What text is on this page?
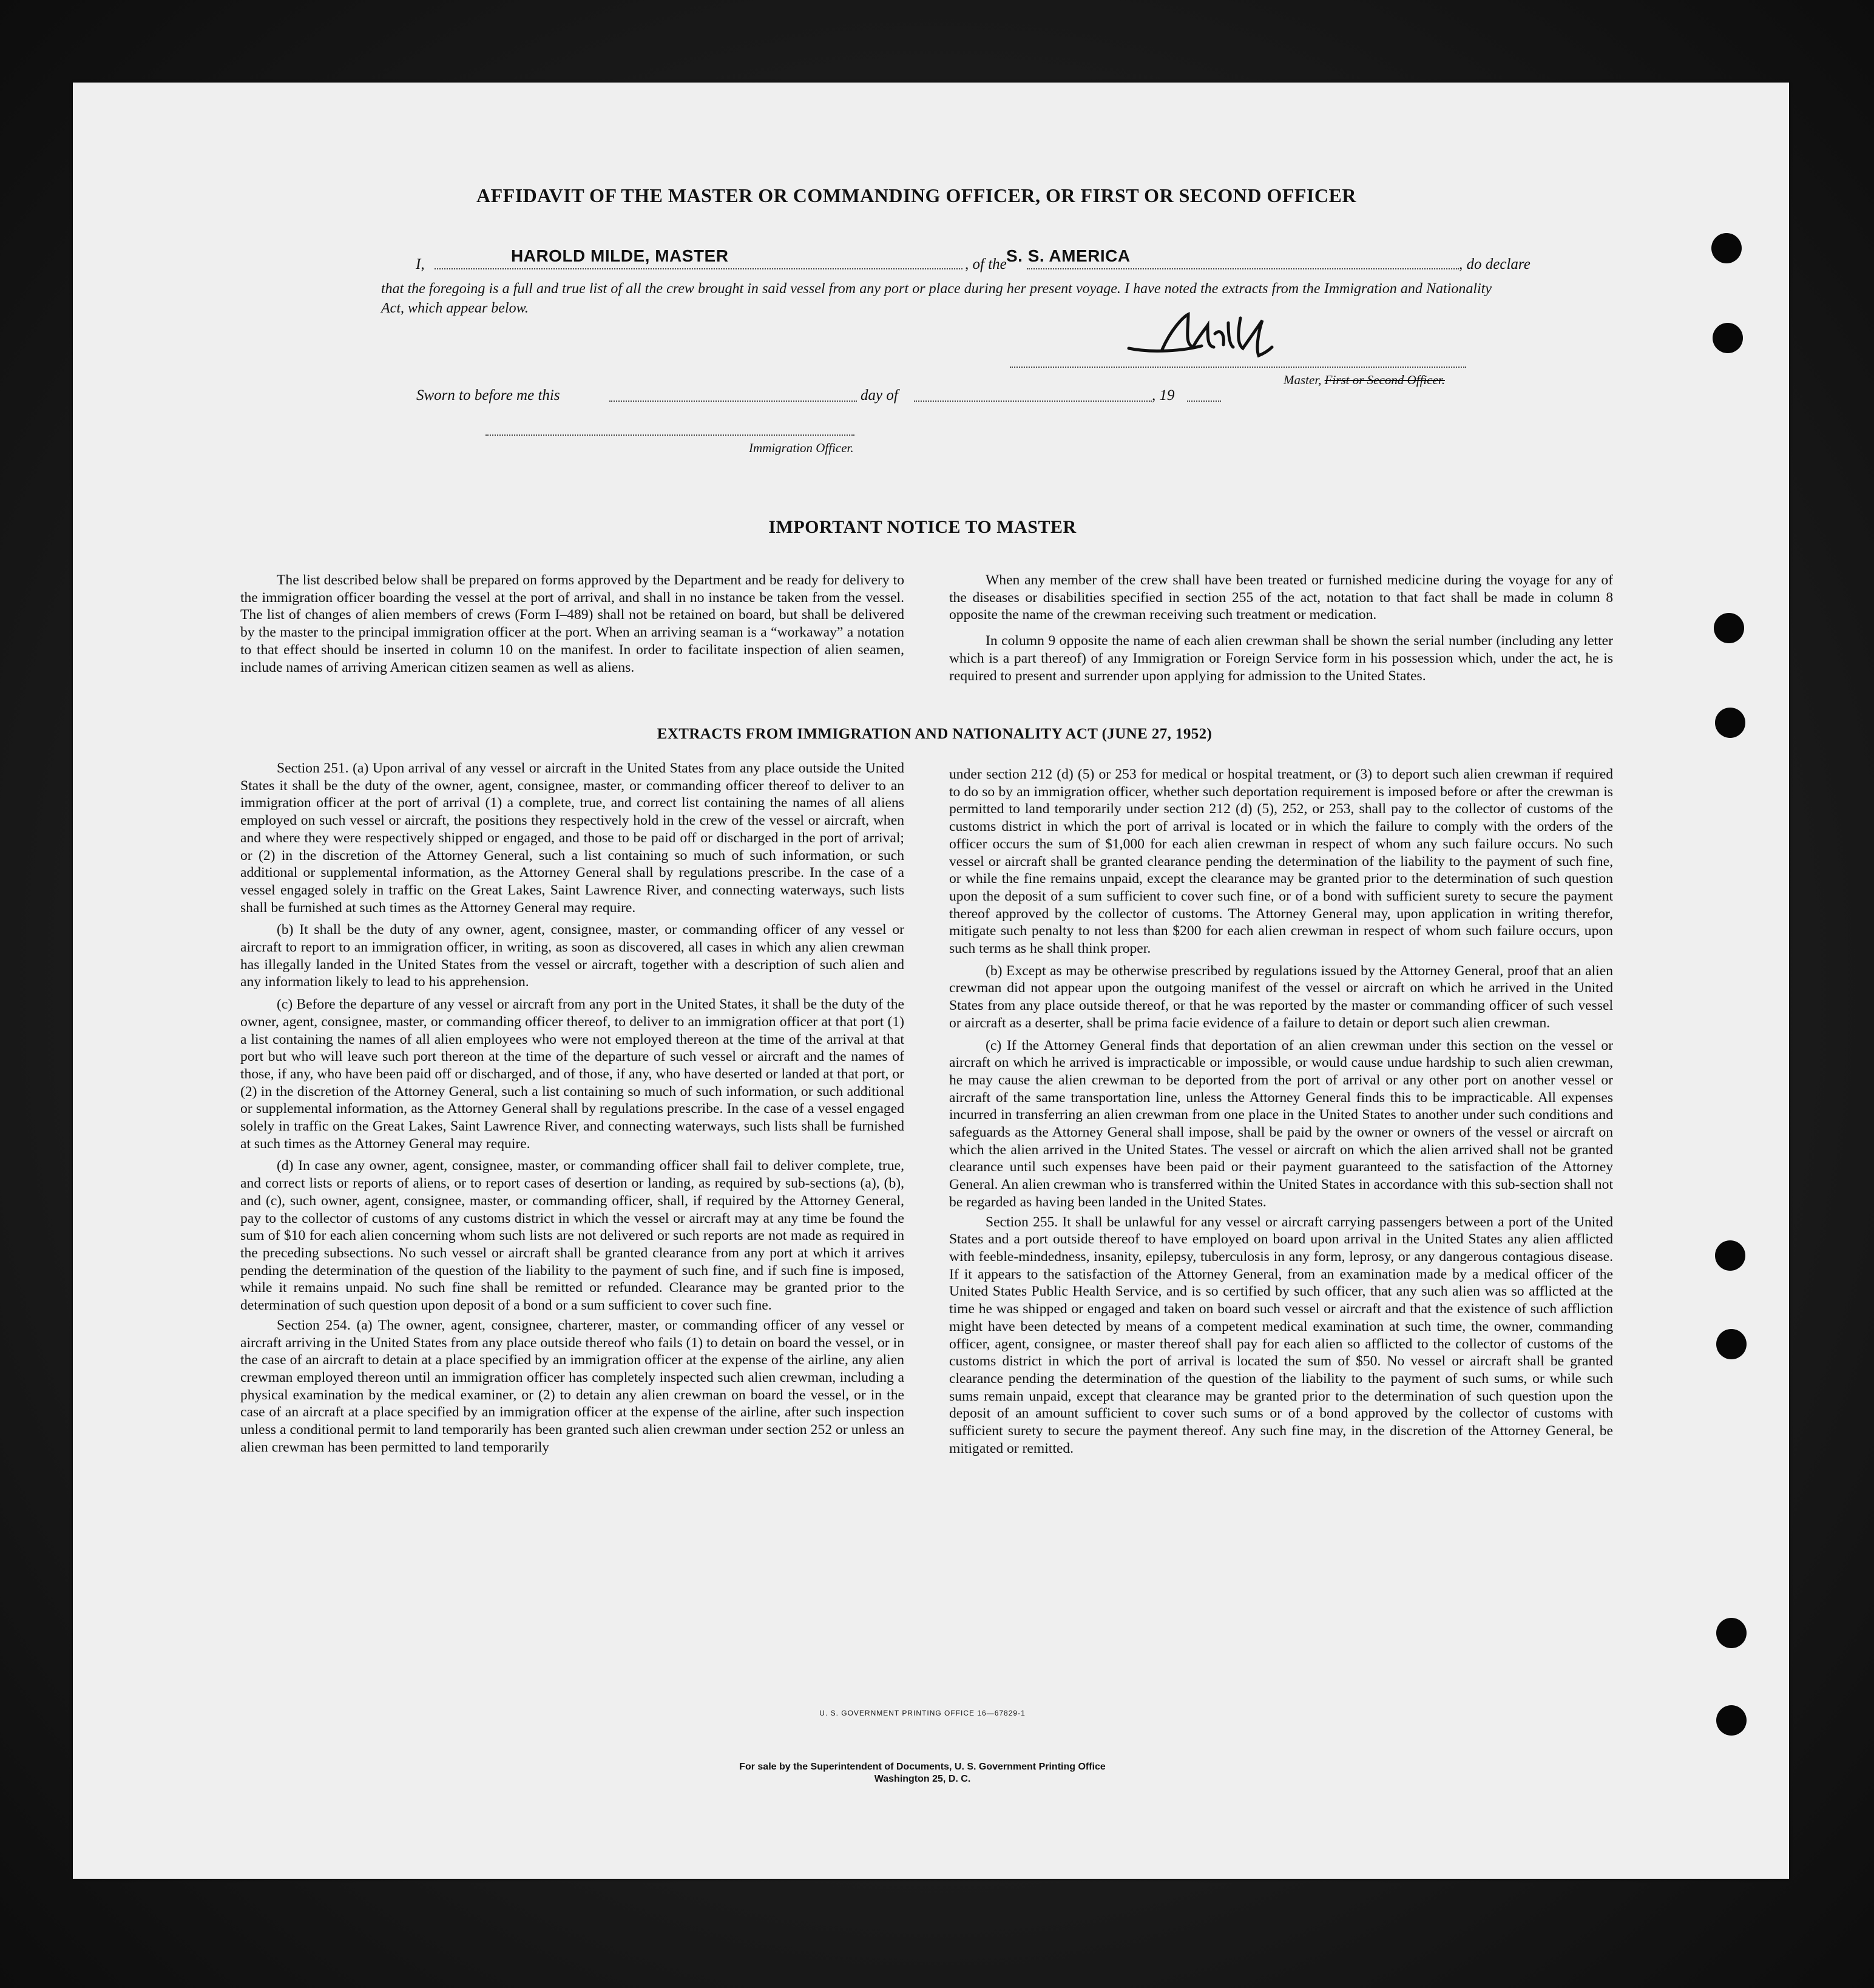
AFFIDAVIT OF THE MASTER OR COMMANDING OFFICER, OR FIRST OR SECOND OFFICER
I,	HAROLD MILDE, MASTER	, of the S. S. AMERICA	, do declare
that the foregoing is a full and true list of all the crew brought in said vessel from any port or place during her present voyage. I have noted the extracts from the Immigration and Nationality Act, which appear below.
Master, First or Second Officer.
Sworn to before me this	day of	, 19
Immigration Officer.
IMPORTANT NOTICE TO MASTER

The list described below shall be prepared on forms approved by the Department and be ready for delivery to the immigration officer boarding the vessel at the port of arrival, and shall in no instance be taken from the vessel. The list of changes of alien members of crews (Form I–489) shall not be retained on board, but shall be delivered by the master to the principal immigration officer at the port. When an arriving seaman is a “workaway” a notation to that effect should be inserted in column 10 on the manifest. In order to facilitate inspection of alien seamen, include names of arriving American citizen seamen as well as aliens.

When any member of the crew shall have been treated or furnished medicine during the voyage for any of the diseases or disabilities specified in section 255 of the act, notation to that fact shall be made in column 8 opposite the name of the crewman receiving such treatment or medication.

In column 9 opposite the name of each alien crewman shall be shown the serial number (including any letter which is a part thereof) of any Immigration or Foreign Service form in his possession which, under the act, he is required to present and surrender upon applying for admission to the United States.

EXTRACTS FROM IMMIGRATION AND NATIONALITY ACT (JUNE 27, 1952)

Section 251. (a) Upon arrival of any vessel or aircraft in the United States from any place outside the United States it shall be the duty of the owner, agent, consignee, master, or commanding officer thereof to deliver to an immigration officer at the port of arrival (1) a complete, true, and correct list containing the names of all aliens employed on such vessel or aircraft, the positions they respectively hold in the crew of the vessel or aircraft, when and where they were respectively shipped or engaged, and those to be paid off or discharged in the port of arrival; or (2) in the discretion of the Attorney General, such a list containing so much of such information, or such additional or supplemental information, as the Attorney General shall by regulations prescribe. In the case of a vessel engaged solely in traffic on the Great Lakes, Saint Lawrence River, and connecting waterways, such lists shall be furnished at such times as the Attorney General may require.

(b) It shall be the duty of any owner, agent, consignee, master, or commanding officer of any vessel or aircraft to report to an immigration officer, in writing, as soon as discovered, all cases in which any alien crewman has illegally landed in the United States from the vessel or aircraft, together with a description of such alien and any information likely to lead to his apprehension.

(c) Before the departure of any vessel or aircraft from any port in the United States, it shall be the duty of the owner, agent, consignee, master, or commanding officer thereof, to deliver to an immigration officer at that port (1) a list containing the names of all alien employees who were not employed thereon at the time of the arrival at that port but who will leave such port thereon at the time of the departure of such vessel or aircraft and the names of those, if any, who have been paid off or discharged, and of those, if any, who have deserted or landed at that port, or (2) in the discretion of the Attorney General, such a list containing so much of such information, or such additional or supplemental information, as the Attorney General shall by regulations prescribe. In the case of a vessel engaged solely in traffic on the Great Lakes, Saint Lawrence River, and connecting waterways, such lists shall be furnished at such times as the Attorney General may require.

(d) In case any owner, agent, consignee, master, or commanding officer shall fail to deliver complete, true, and correct lists or reports of aliens, or to report cases of desertion or landing, as required by sub-sections (a), (b), and (c), such owner, agent, consignee, master, or commanding officer, shall, if required by the Attorney General, pay to the collector of customs of any customs district in which the vessel or aircraft may at any time be found the sum of $10 for each alien concerning whom such lists are not delivered or such reports are not made as required in the preceding subsections. No such vessel or aircraft shall be granted clearance from any port at which it arrives pending the determination of the question of the liability to the payment of such fine, and if such fine is imposed, while it remains unpaid. No such fine shall be remitted or refunded. Clearance may be granted prior to the determination of such question upon deposit of a bond or a sum sufficient to cover such fine.

Section 254. (a) The owner, agent, consignee, charterer, master, or commanding officer of any vessel or aircraft arriving in the United States from any place outside thereof who fails (1) to detain on board the vessel, or in the case of an aircraft to detain at a place specified by an immigration officer at the expense of the airline, any alien crewman employed thereon until an immigration officer has completely inspected such alien crewman, including a physical examination by the medical examiner, or (2) to detain any alien crewman on board the vessel, or in the case of an aircraft at a place specified by an immigration officer at the expense of the airline, after such inspection unless a conditional permit to land temporarily has been granted such alien crewman under section 252 or unless an alien crewman has been permitted to land temporarily

under section 212 (d) (5) or 253 for medical or hospital treatment, or (3) to deport such alien crewman if required to do so by an immigration officer, whether such deportation requirement is imposed before or after the crewman is permitted to land temporarily under section 212 (d) (5), 252, or 253, shall pay to the collector of customs of the customs district in which the port of arrival is located or in which the failure to comply with the orders of the officer occurs the sum of $1,000 for each alien crewman in respect of whom any such failure occurs. No such vessel or aircraft shall be granted clearance pending the determination of the liability to the payment of such fine, or while the fine remains unpaid, except the clearance may be granted prior to the determination of such question upon the deposit of a sum sufficient to cover such fine, or of a bond with sufficient surety to secure the payment thereof approved by the collector of customs. The Attorney General may, upon application in writing therefor, mitigate such penalty to not less than $200 for each alien crewman in respect of whom such failure occurs, upon such terms as he shall think proper.

(b) Except as may be otherwise prescribed by regulations issued by the Attorney General, proof that an alien crewman did not appear upon the outgoing manifest of the vessel or aircraft on which he arrived in the United States from any place outside thereof, or that he was reported by the master or commanding officer of such vessel or aircraft as a deserter, shall be prima facie evidence of a failure to detain or deport such alien crewman.

(c) If the Attorney General finds that deportation of an alien crewman under this section on the vessel or aircraft on which he arrived is impracticable or impossible, or would cause undue hardship to such alien crewman, he may cause the alien crewman to be deported from the port of arrival or any other port on another vessel or aircraft of the same transportation line, unless the Attorney General finds this to be impracticable. All expenses incurred in transferring an alien crewman from one place in the United States to another under such conditions and safeguards as the Attorney General shall impose, shall be paid by the owner or owners of the vessel or aircraft on which the alien arrived in the United States. The vessel or aircraft on which the alien arrived shall not be granted clearance until such expenses have been paid or their payment guaranteed to the satisfaction of the Attorney General. An alien crewman who is transferred within the United States in accordance with this sub-section shall not be regarded as having been landed in the United States.

Section 255. It shall be unlawful for any vessel or aircraft carrying passengers between a port of the United States and a port outside thereof to have employed on board upon arrival in the United States any alien afflicted with feeble-mindedness, insanity, epilepsy, tuberculosis in any form, leprosy, or any dangerous contagious disease. If it appears to the satisfaction of the Attorney General, from an examination made by a medical officer of the United States Public Health Service, and is so certified by such officer, that any such alien was so afflicted at the time he was shipped or engaged and taken on board such vessel or aircraft and that the existence of such affliction might have been detected by means of a competent medical examination at such time, the owner, commanding officer, agent, consignee, or master thereof shall pay for each alien so afflicted to the collector of customs of the customs district in which the port of arrival is located the sum of $50. No vessel or aircraft shall be granted clearance pending the determination of the question of the liability to the payment of such sums, or while such sums remain unpaid, except that clearance may be granted prior to the determination of such question upon the deposit of an amount sufficient to cover such sums or of a bond approved by the collector of customs with sufficient surety to secure the payment thereof. Any such fine may, in the discretion of the Attorney General, be mitigated or remitted.

U. S. GOVERNMENT PRINTING OFFICE 16—67829-1
For sale by the Superintendent of Documents, U. S. Government Printing Office
Washington 25, D. C.
